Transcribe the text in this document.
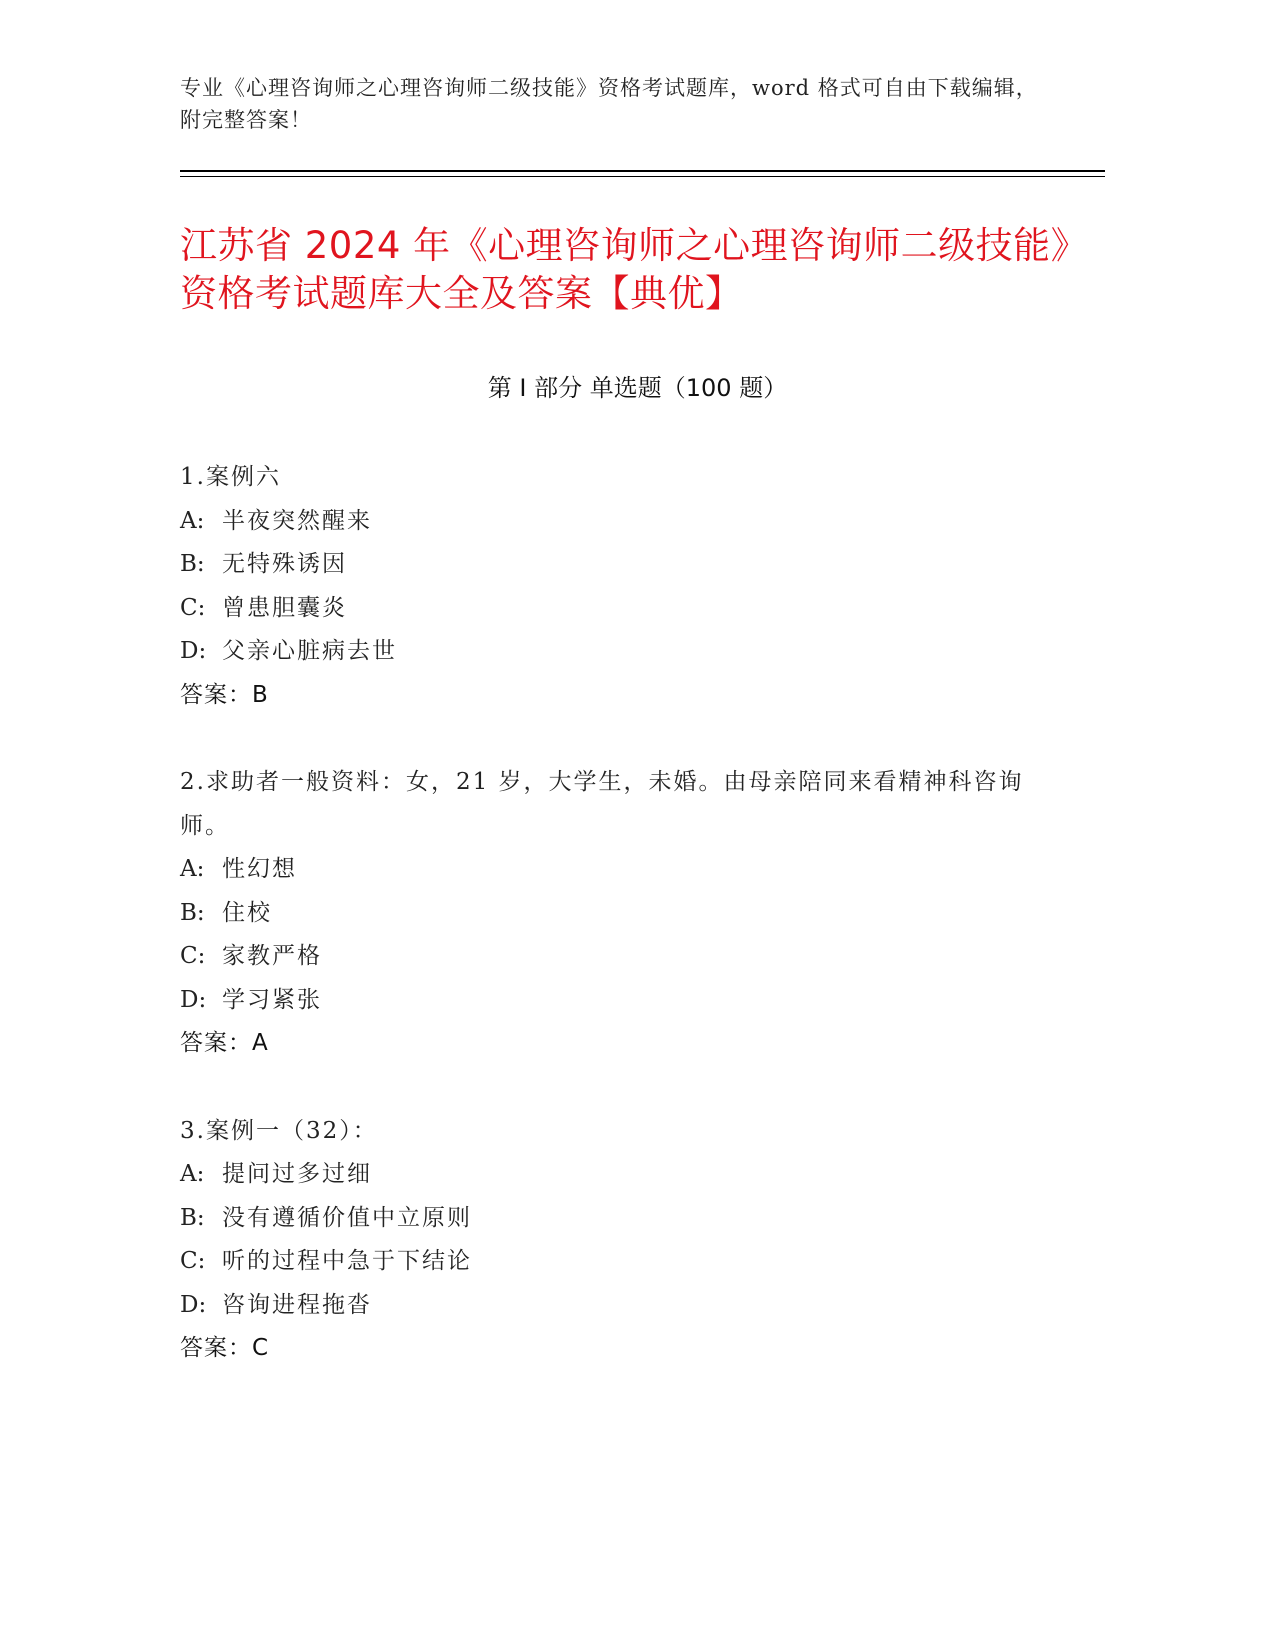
专业《心理咨询师之心理咨询师二级技能》资格考试题库，word 格式可自由下载编辑，附完整答案！
江苏省 2024 年《心理咨询师之心理咨询师二级技能》资格考试题库大全及答案【典优】
第 I 部分 单选题（100 题）
1.案例六
A: 半夜突然醒来
B: 无特殊诱因
C: 曾患胆囊炎
D: 父亲心脏病去世
答案：B
2.求助者一般资料：女，21 岁，大学生，未婚。由母亲陪同来看精神科咨询师。
A: 性幻想
B: 住校
C: 家教严格
D: 学习紧张
答案：A
3.案例一（32）：
A: 提问过多过细
B: 没有遵循价值中立原则
C: 听的过程中急于下结论
D: 咨询进程拖沓
答案：C
